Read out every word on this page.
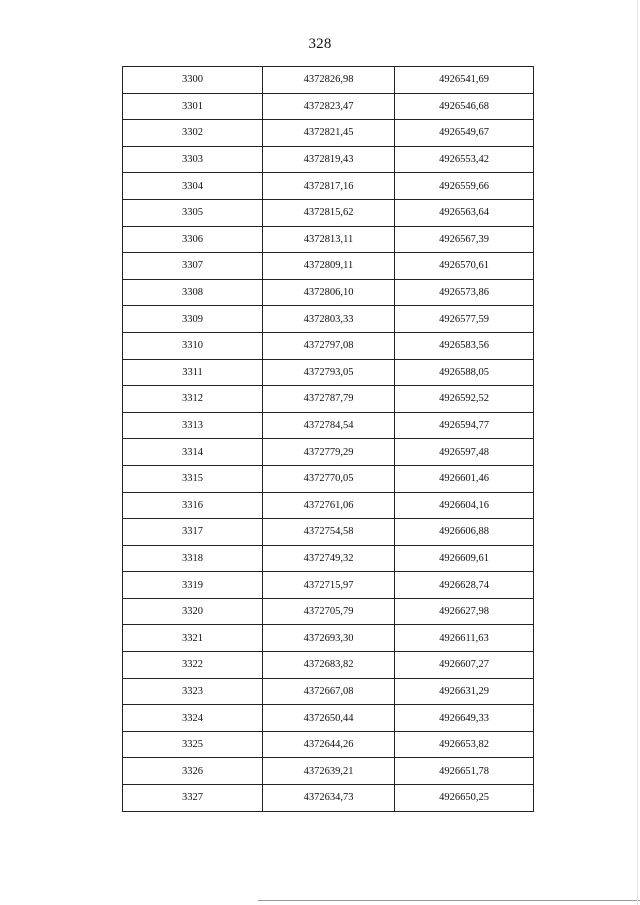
328
3300	4372826,98	4926541,69
3301	4372823,47	4926546,68
3302	4372821,45	4926549,67
3303	4372819,43	4926553,42
3304	4372817,16	4926559,66
3305	4372815,62	4926563,64
3306	4372813,11	4926567,39
3307	4372809,11	4926570,61
3308	4372806,10	4926573,86
3309	4372803,33	4926577,59
3310	4372797,08	4926583,56
3311	4372793,05	4926588,05
3312	4372787,79	4926592,52
3313	4372784,54	4926594,77
3314	4372779,29	4926597,48
3315	4372770,05	4926601,46
3316	4372761,06	4926604,16
3317	4372754,58	4926606,88
3318	4372749,32	4926609,61
3319	4372715,97	4926628,74
3320	4372705,79	4926627,98
3321	4372693,30	4926611,63
3322	4372683,82	4926607,27
3323	4372667,08	4926631,29
3324	4372650,44	4926649,33
3325	4372644,26	4926653,82
3326	4372639,21	4926651,78
3327	4372634,73	4926650,25
